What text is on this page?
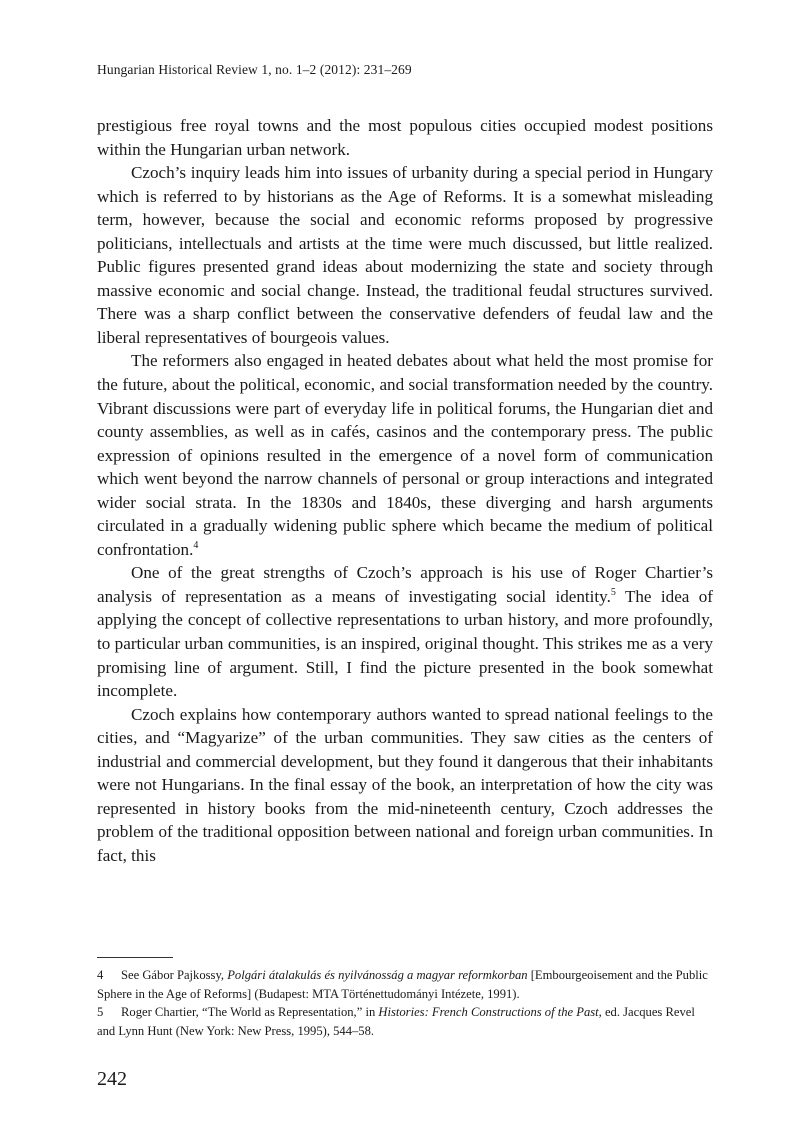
Hungarian Historical Review 1, no. 1–2 (2012): 231–269

prestigious free royal towns and the most populous cities occupied modest positions within the Hungarian urban network.

Czoch’s inquiry leads him into issues of urbanity during a special period in Hungary which is referred to by historians as the Age of Reforms. It is a somewhat misleading term, however, because the social and economic reforms proposed by progressive politicians, intellectuals and artists at the time were much discussed, but little realized. Public figures presented grand ideas about modernizing the state and society through massive economic and social change. Instead, the traditional feudal structures survived. There was a sharp conflict between the conservative defenders of feudal law and the liberal representatives of bourgeois values.

The reformers also engaged in heated debates about what held the most promise for the future, about the political, economic, and social transformation needed by the country. Vibrant discussions were part of everyday life in political forums, the Hungarian diet and county assemblies, as well as in cafés, casinos and the contemporary press. The public expression of opinions resulted in the emergence of a novel form of communication which went beyond the narrow channels of personal or group interactions and integrated wider social strata. In the 1830s and 1840s, these diverging and harsh arguments circulated in a gradually widening public sphere which became the medium of political confrontation.$^4$

One of the great strengths of Czoch’s approach is his use of Roger Chartier’s analysis of representation as a means of investigating social identity.$^5$ The idea of applying the concept of collective representations to urban history, and more profoundly, to particular urban communities, is an inspired, original thought. This strikes me as a very promising line of argument. Still, I find the picture presented in the book somewhat incomplete.

Czoch explains how contemporary authors wanted to spread national feelings to the cities, and “Magyarize” of the urban communities. They saw cities as the centers of industrial and commercial development, but they found it dangerous that their inhabitants were not Hungarians. In the final essay of the book, an interpretation of how the city was represented in history books from the mid-nineteenth century, Czoch addresses the problem of the traditional opposition between national and foreign urban communities. In fact, this

4 See Gábor Pajkossy, Polgári átalakulás és nyilvánosság a magyar reformkorban [Embourgeoisement and the Public Sphere in the Age of Reforms] (Budapest: MTA Történettudományi Intézete, 1991).

5 Roger Chartier, “The World as Representation,” in Histories: French Constructions of the Past, ed. Jacques Revel and Lynn Hunt (New York: New Press, 1995), 544–58.

242
